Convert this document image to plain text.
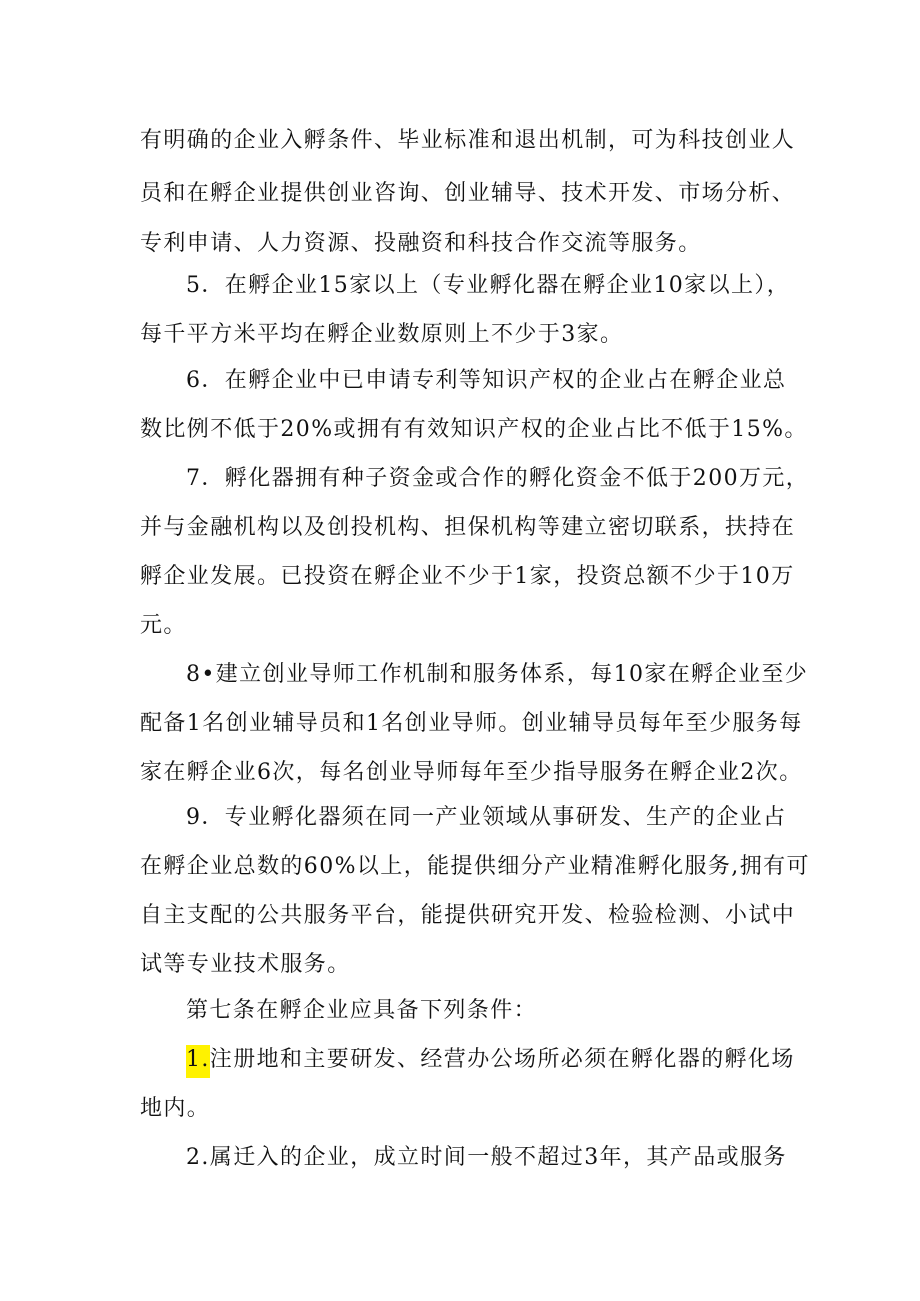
有明确的企业入孵条件、毕业标准和退出机制，可为科技创业人
员和在孵企业提供创业咨询、创业辅导、技术开发、市场分析、
专利申请、人力资源、投融资和科技合作交流等服务。
5．在孵企业15家以上（专业孵化器在孵企业10家以上），
每千平方米平均在孵企业数原则上不少于3家。
6．在孵企业中已申请专利等知识产权的企业占在孵企业总
数比例不低于20%或拥有有效知识产权的企业占比不低于15%。
7．孵化器拥有种子资金或合作的孵化资金不低于200万元，
并与金融机构以及创投机构、担保机构等建立密切联系，扶持在
孵企业发展。已投资在孵企业不少于1家，投资总额不少于10万
元。
8•建立创业导师工作机制和服务体系，每10家在孵企业至少
配备1名创业辅导员和1名创业导师。创业辅导员每年至少服务每
家在孵企业6次，每名创业导师每年至少指导服务在孵企业2次。
9．专业孵化器须在同一产业领域从事研发、生产的企业占
在孵企业总数的60%以上，能提供细分产业精准孵化服务,拥有可
自主支配的公共服务平台，能提供研究开发、检验检测、小试中
试等专业技术服务。
第七条在孵企业应具备下列条件：
1.注册地和主要研发、经营办公场所必须在孵化器的孵化场
地内。
2.属迁入的企业，成立时间一般不超过3年，其产品或服务
